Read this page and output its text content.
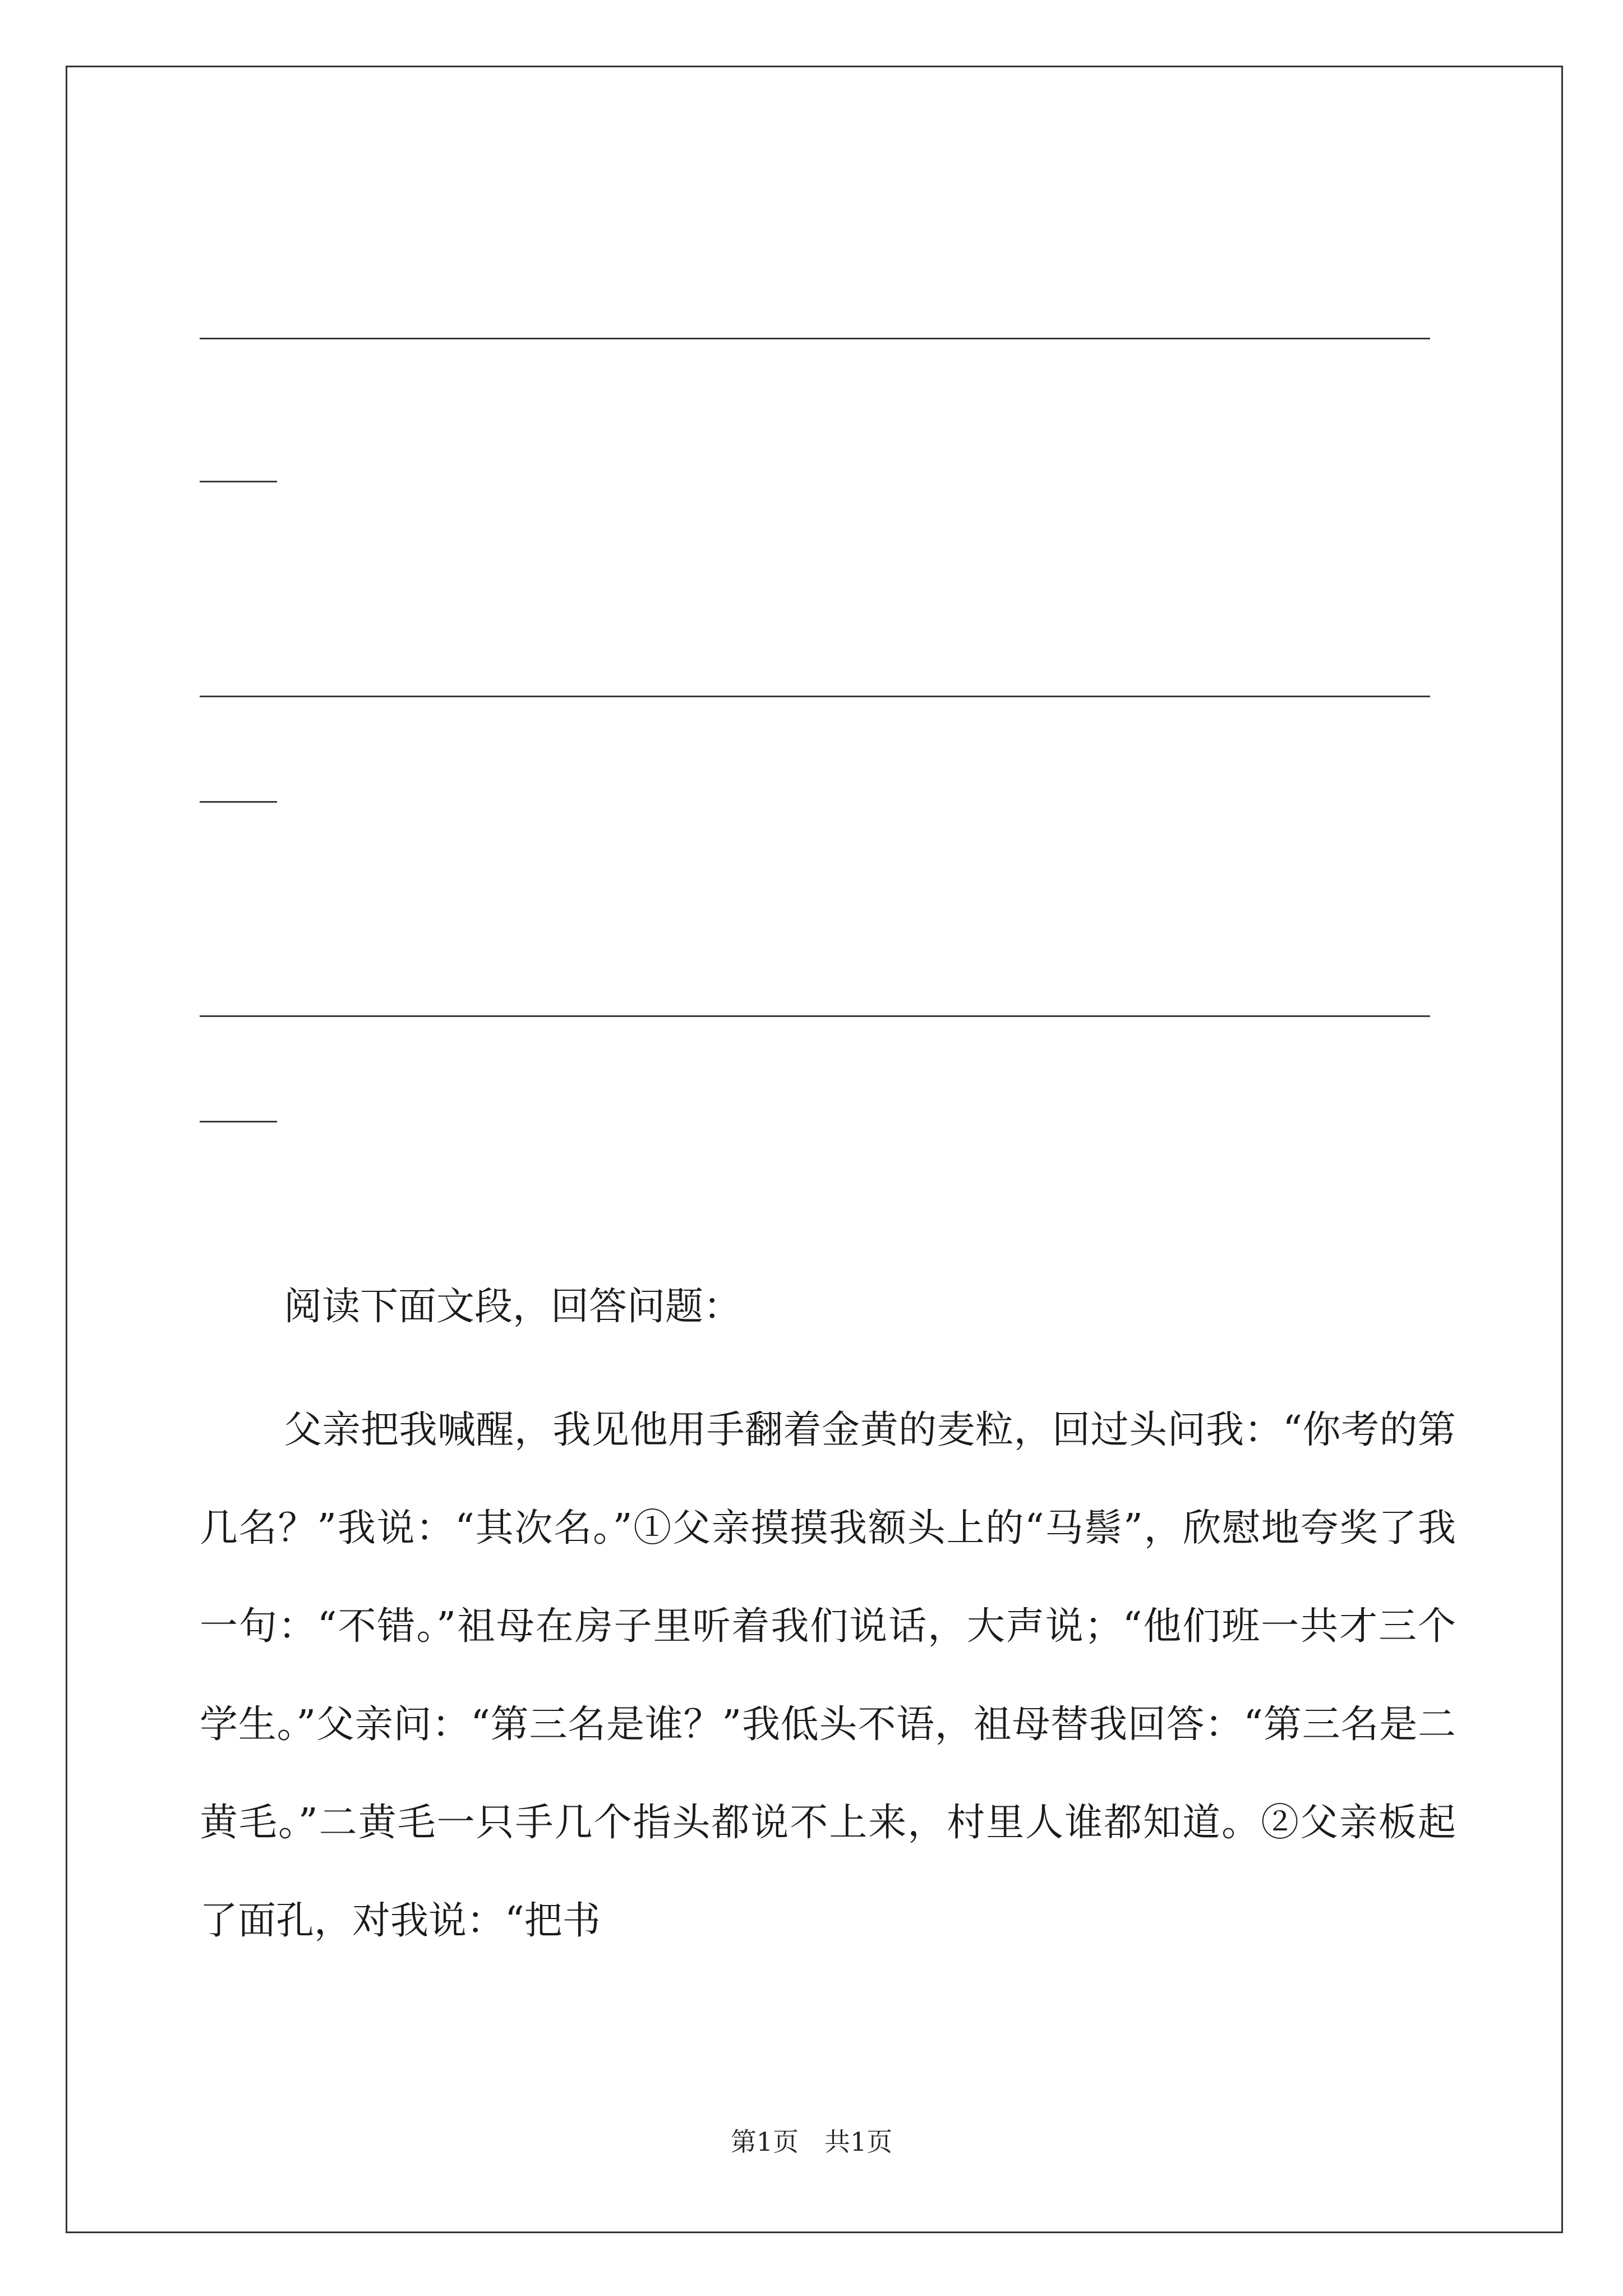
阅读下面文段，回答问题：

父亲把我喊醒，我见他用手翻着金黄的麦粒，回过头问我：“你考的第几名？”我说：“其次名。”①父亲摸摸我额头上的“马鬃”，欣慰地夸奖了我一句：“不错。”祖母在房子里听着我们说话，大声说；“他们班一共才三个学生。”父亲问：“第三名是谁？”我低头不语，祖母替我回答：“第三名是二黄毛。”二黄毛一只手几个指头都说不上来，村里人谁都知道。②父亲板起了面孔，对我说：“把书

第1页 共1页
